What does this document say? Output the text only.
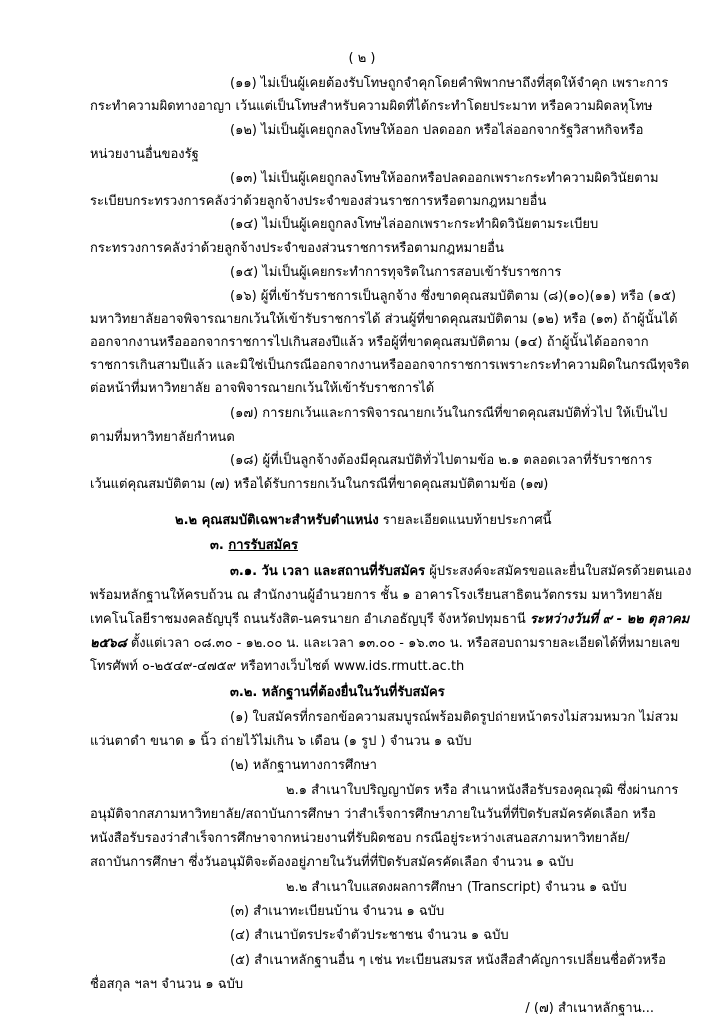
( ๒ )
(๑๑) ไม่เป็นผู้เคยต้องรับโทษถูกจำคุกโดยคำพิพากษาถึงที่สุดให้จำคุก เพราะการ
กระทำความผิดทางอาญา เว้นแต่เป็นโทษสำหรับความผิดที่ได้กระทำโดยประมาท หรือความผิดลหุโทษ
(๑๒) ไม่เป็นผู้เคยถูกลงโทษให้ออก ปลดออก หรือไล่ออกจากรัฐวิสาหกิจหรือ
หน่วยงานอื่นของรัฐ
(๑๓) ไม่เป็นผู้เคยถูกลงโทษให้ออกหรือปลดออกเพราะกระทำความผิดวินัยตาม
ระเบียบกระทรวงการคลังว่าด้วยลูกจ้างประจำของส่วนราชการหรือตามกฎหมายอื่น
(๑๔) ไม่เป็นผู้เคยถูกลงโทษไล่ออกเพราะกระทำผิดวินัยตามระเบียบ
กระทรวงการคลังว่าด้วยลูกจ้างประจำของส่วนราชการหรือตามกฎหมายอื่น
(๑๕) ไม่เป็นผู้เคยกระทำการทุจริตในการสอบเข้ารับราชการ
(๑๖) ผู้ที่เข้ารับราชการเป็นลูกจ้าง ซึ่งขาดคุณสมบัติตาม (๘)(๑๐)(๑๑) หรือ (๑๕)
มหาวิทยาลัยอาจพิจารณายกเว้นให้เข้ารับราชการได้ ส่วนผู้ที่ขาดคุณสมบัติตาม (๑๒) หรือ (๑๓) ถ้าผู้นั้นได้
ออกจากงานหรือออกจากราชการไปเกินสองปีแล้ว หรือผู้ที่ขาดคุณสมบัติตาม (๑๔) ถ้าผู้นั้นได้ออกจาก
ราชการเกินสามปีแล้ว และมิใช่เป็นกรณีออกจากงานหรือออกจากราชการเพราะกระทำความผิดในกรณีทุจริต
ต่อหน้าที่มหาวิทยาลัย อาจพิจารณายกเว้นให้เข้ารับราชการได้
(๑๗) การยกเว้นและการพิจารณายกเว้นในกรณีที่ขาดคุณสมบัติทั่วไป ให้เป็นไป
ตามที่มหาวิทยาลัยกำหนด
(๑๘) ผู้ที่เป็นลูกจ้างต้องมีคุณสมบัติทั่วไปตามข้อ ๒.๑ ตลอดเวลาที่รับราชการ
เว้นแต่คุณสมบัติตาม (๗) หรือได้รับการยกเว้นในกรณีที่ขาดคุณสมบัติตามข้อ (๑๗)
๒.๒ คุณสมบัติเฉพาะสำหรับตำแหน่ง รายละเอียดแนบท้ายประกาศนี้
๓. การรับสมัคร
๓.๑. วัน เวลา และสถานที่รับสมัคร ผู้ประสงค์จะสมัครขอและยื่นใบสมัครด้วยตนเอง
พร้อมหลักฐานให้ครบถ้วน ณ สำนักงานผู้อำนวยการ ชั้น ๑ อาคารโรงเรียนสาธิตนวัตกรรม มหาวิทยาลัย
เทคโนโลยีราชมงคลธัญบุรี ถนนรังสิต-นครนายก อำเภอธัญบุรี จังหวัดปทุมธานี ระหว่างวันที่ ๙ - ๒๒ ตุลาคม
๒๕๖๘ ตั้งแต่เวลา ๐๘.๓๐ - ๑๒.๐๐ น. และเวลา ๑๓.๐๐ - ๑๖.๓๐ น. หรือสอบถามรายละเอียดได้ที่หมายเลข
โทรศัพท์ ๐-๒๕๔๙-๔๗๕๙ หรือทางเว็บไซต์ www.ids.rmutt.ac.th
๓.๒. หลักฐานที่ต้องยื่นในวันที่รับสมัคร
(๑) ใบสมัครที่กรอกข้อความสมบูรณ์พร้อมติดรูปถ่ายหน้าตรงไม่สวมหมวก ไม่สวม
แว่นตาดำ ขนาด ๑ นิ้ว ถ่ายไว้ไม่เกิน ๖ เดือน (๑ รูป ) จำนวน ๑ ฉบับ
(๒) หลักฐานทางการศึกษา
๒.๑ สำเนาใบปริญญาบัตร หรือ สำเนาหนังสือรับรองคุณวุฒิ ซึ่งผ่านการ
อนุมัติจากสภามหาวิทยาลัย/สถาบันการศึกษา ว่าสำเร็จการศึกษาภายในวันที่ที่ปิดรับสมัครคัดเลือก หรือ
หนังสือรับรองว่าสำเร็จการศึกษาจากหน่วยงานที่รับผิดชอบ กรณีอยู่ระหว่างเสนอสภามหาวิทยาลัย/
สถาบันการศึกษา ซึ่งวันอนุมัติจะต้องอยู่ภายในวันที่ที่ปิดรับสมัครคัดเลือก จำนวน ๑ ฉบับ
๒.๒ สำเนาใบแสดงผลการศึกษา (Transcript) จำนวน ๑ ฉบับ
(๓) สำเนาทะเบียนบ้าน จำนวน ๑ ฉบับ
(๔) สำเนาบัตรประจำตัวประชาชน จำนวน ๑ ฉบับ
(๕) สำเนาหลักฐานอื่น ๆ เช่น ทะเบียนสมรส หนังสือสำคัญการเปลี่ยนชื่อตัวหรือ
ชื่อสกุล ฯลฯ จำนวน ๑ ฉบับ
/ (๗) สำเนาหลักฐาน...
